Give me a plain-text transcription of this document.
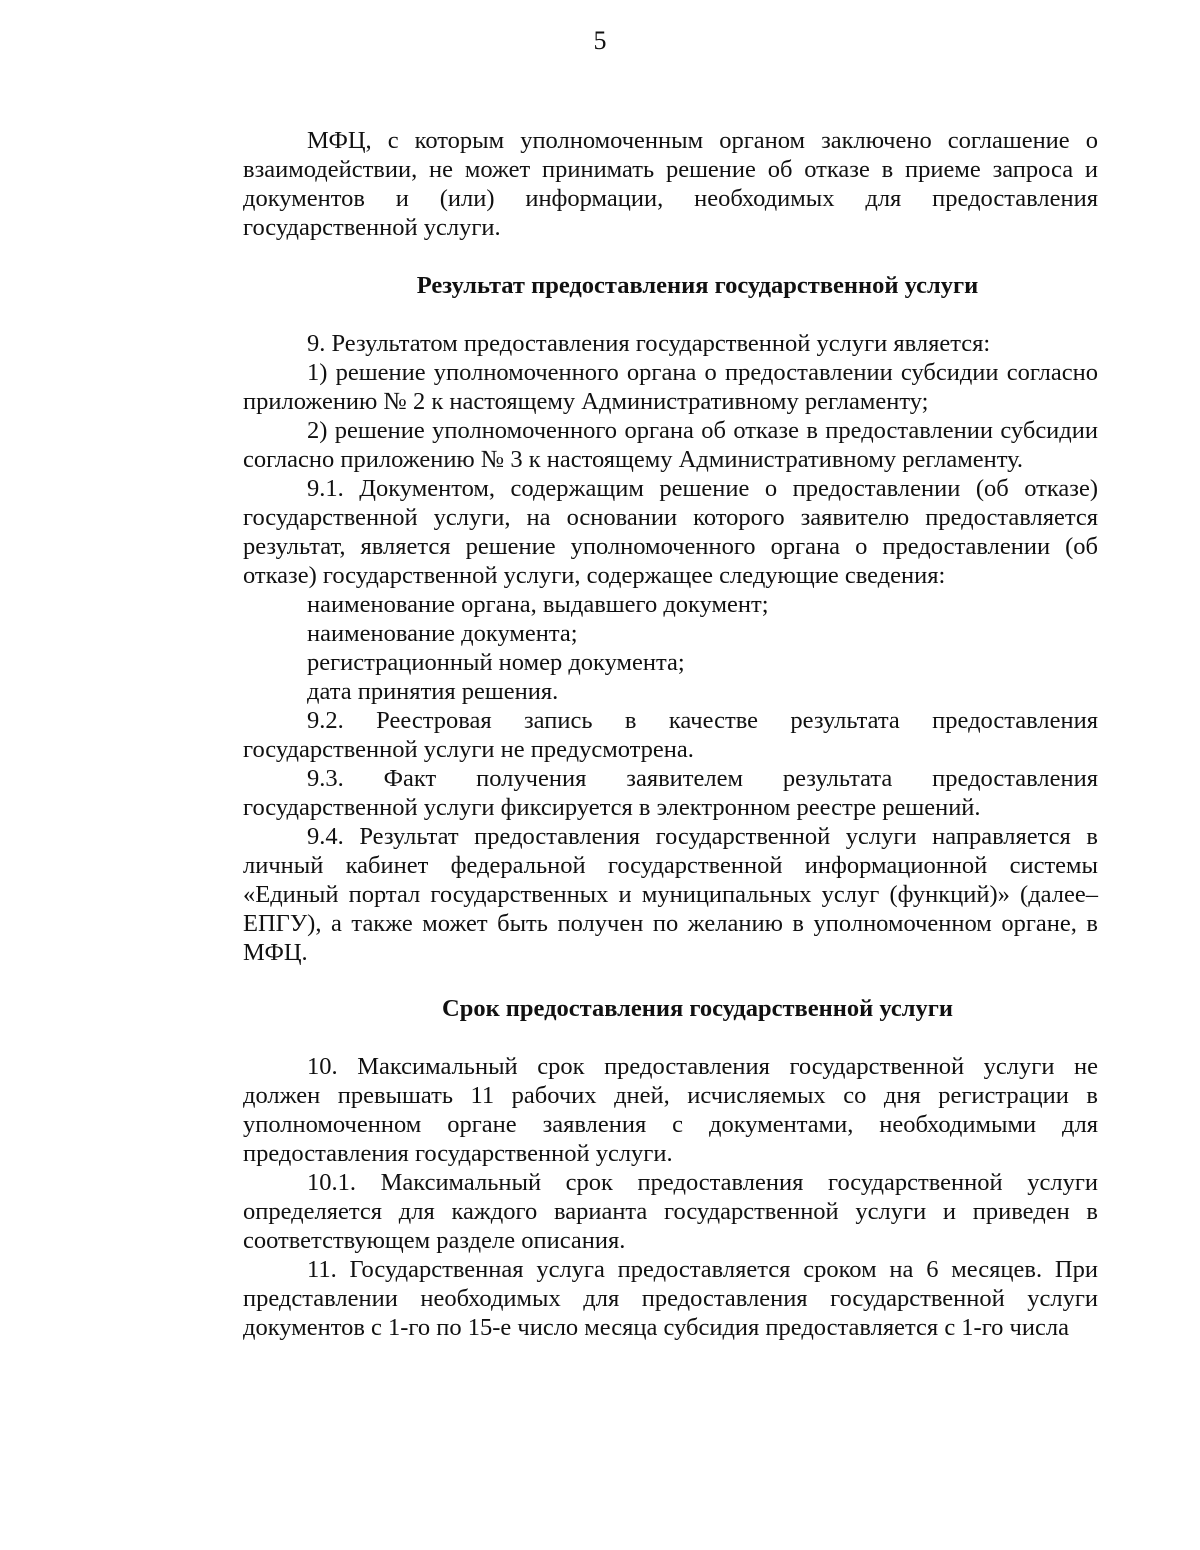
5

МФЦ, с которым уполномоченным органом заключено соглашение о взаимодействии, не может принимать решение об отказе в приеме запроса и документов и (или) информации, необходимых для предоставления государственной услуги.

Результат предоставления государственной услуги

9. Результатом предоставления государственной услуги является:

1) решение уполномоченного органа о предоставлении субсидии согласно приложению № 2 к настоящему Административному регламенту;

2) решение уполномоченного органа об отказе в предоставлении субсидии согласно приложению № 3 к настоящему Административному регламенту.

9.1. Документом, содержащим решение о предоставлении (об отказе) государственной услуги, на основании которого заявителю предоставляется результат, является решение уполномоченного органа о предоставлении (об отказе) государственной услуги, содержащее следующие сведения:

наименование органа, выдавшего документ;

наименование документа;

регистрационный номер документа;

дата принятия решения.

9.2. Реестровая запись в качестве результата предоставления государственной услуги не предусмотрена.

9.3. Факт получения заявителем результата предоставления государственной услуги фиксируется в электронном реестре решений.

9.4. Результат предоставления государственной услуги направляется в личный кабинет федеральной государственной информационной системы «Единый портал государственных и муниципальных услуг (функций)» (далее– ЕПГУ), а также может быть получен по желанию в уполномоченном органе, в МФЦ.

Срок предоставления государственной услуги

10. Максимальный срок предоставления государственной услуги не должен превышать 11 рабочих дней, исчисляемых со дня регистрации в уполномоченном органе заявления с документами, необходимыми для предоставления государственной услуги.

10.1. Максимальный срок предоставления государственной услуги определяется для каждого варианта государственной услуги и приведен в соответствующем разделе описания.

11. Государственная услуга предоставляется сроком на 6 месяцев. При представлении необходимых для предоставления государственной услуги документов с 1-го по 15-е число месяца субсидия предоставляется с 1-го числа
